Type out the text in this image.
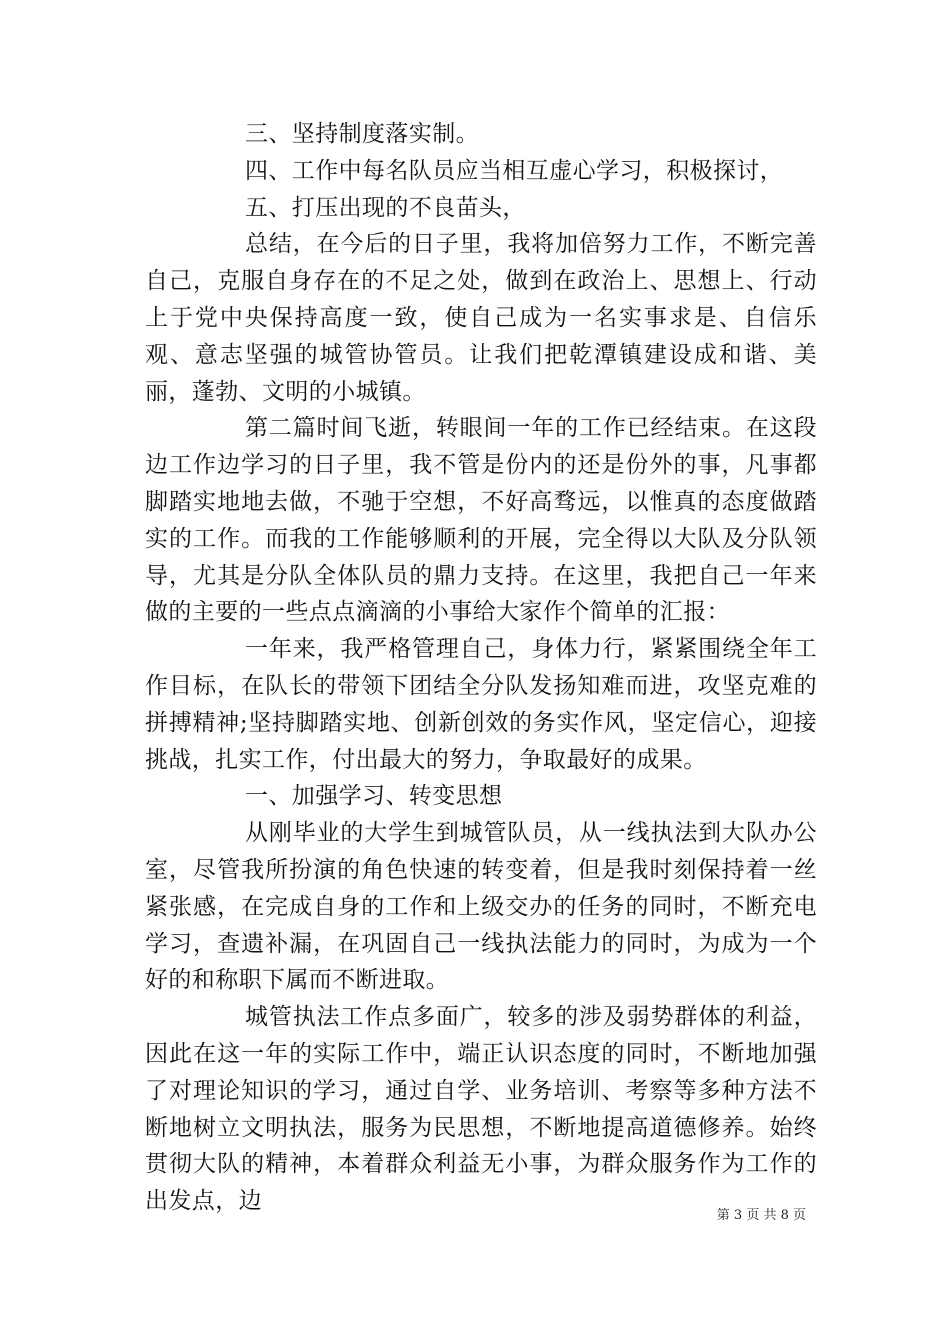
三、坚持制度落实制。

四、工作中每名队员应当相互虚心学习，积极探讨，

五、打压出现的不良苗头，

总结，在今后的日子里，我将加倍努力工作，不断完善自己，克服自身存在的不足之处，做到在政治上、思想上、行动上于党中央保持高度一致，使自己成为一名实事求是、自信乐观、意志坚强的城管协管员。让我们把乾潭镇建设成和谐、美丽，蓬勃、文明的小城镇。

第二篇时间飞逝，转眼间一年的工作已经结束。在这段边工作边学习的日子里，我不管是份内的还是份外的事，凡事都脚踏实地地去做，不驰于空想，不好高骛远，以惟真的态度做踏实的工作。而我的工作能够顺利的开展，完全得以大队及分队领导，尤其是分队全体队员的鼎力支持。在这里，我把自己一年来做的主要的一些点点滴滴的小事给大家作个简单的汇报：

一年来，我严格管理自己，身体力行，紧紧围绕全年工作目标，在队长的带领下团结全分队发扬知难而进，攻坚克难的拼搏精神;坚持脚踏实地、创新创效的务实作风，坚定信心，迎接挑战，扎实工作，付出最大的努力，争取最好的成果。

一、加强学习、转变思想

从刚毕业的大学生到城管队员，从一线执法到大队办公室，尽管我所扮演的角色快速的转变着，但是我时刻保持着一丝紧张感，在完成自身的工作和上级交办的任务的同时，不断充电学习，查遗补漏，在巩固自己一线执法能力的同时，为成为一个好的和称职下属而不断进取。

城管执法工作点多面广，较多的涉及弱势群体的利益，因此在这一年的实际工作中，端正认识态度的同时，不断地加强了对理论知识的学习，通过自学、业务培训、考察等多种方法不断地树立文明执法，服务为民思想，不断地提高道德修养。始终贯彻大队的精神，本着群众利益无小事，为群众服务作为工作的出发点，边

第 3 页 共 8 页
